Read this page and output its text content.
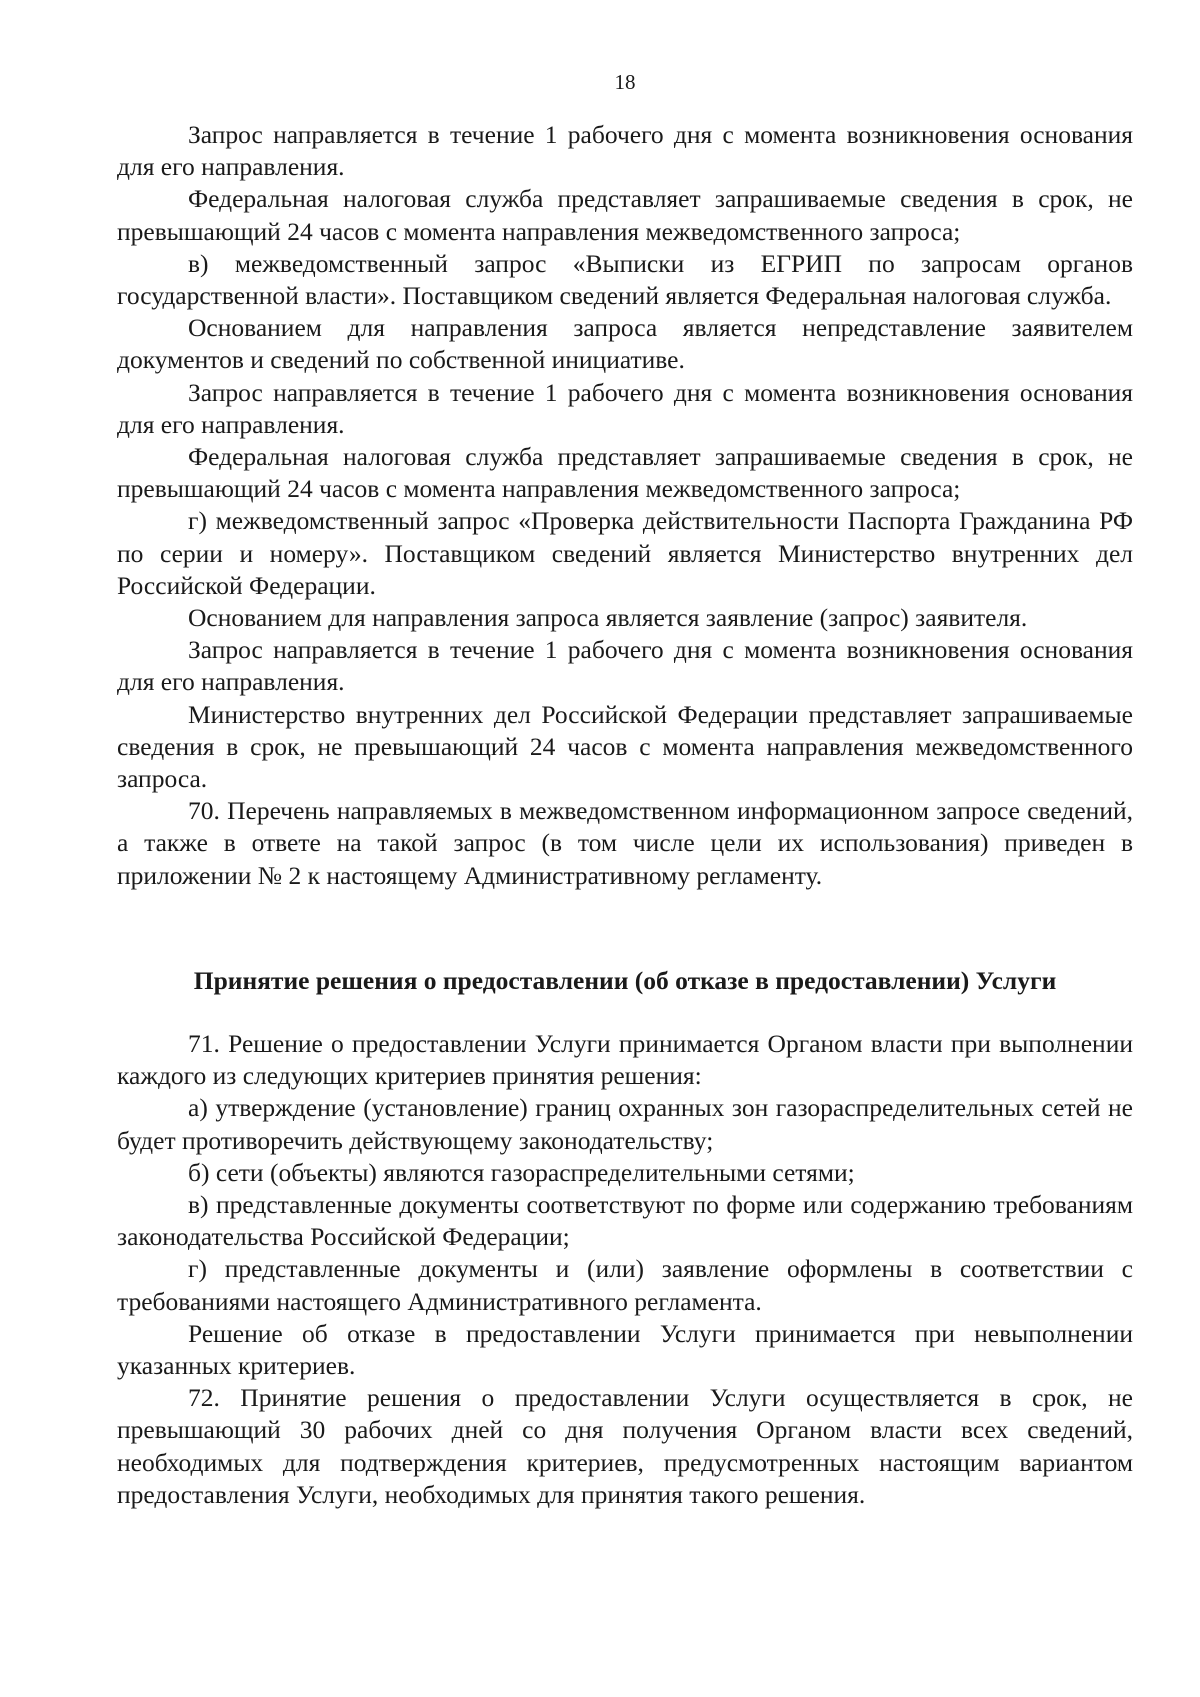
18

Запрос направляется в течение 1 рабочего дня с момента возникновения основания для его направления.

Федеральная налоговая служба представляет запрашиваемые сведения в срок, не превышающий 24 часов с момента направления межведомственного запроса;

в) межведомственный запрос «Выписки из ЕГРИП по запросам органов государственной власти». Поставщиком сведений является Федеральная налоговая служба.

Основанием для направления запроса является непредставление заявителем документов и сведений по собственной инициативе.

Запрос направляется в течение 1 рабочего дня с момента возникновения основания для его направления.

Федеральная налоговая служба представляет запрашиваемые сведения в срок, не превышающий 24 часов с момента направления межведомственного запроса;

г) межведомственный запрос «Проверка действительности Паспорта Гражданина РФ по серии и номеру». Поставщиком сведений является Министерство внутренних дел Российской Федерации.

Основанием для направления запроса является заявление (запрос) заявителя.

Запрос направляется в течение 1 рабочего дня с момента возникновения основания для его направления.

Министерство внутренних дел Российской Федерации представляет запрашиваемые сведения в срок, не превышающий 24 часов с момента направления межведомственного запроса.

70. Перечень направляемых в межведомственном информационном запросе сведений, а также в ответе на такой запрос (в том числе цели их использования) приведен в приложении № 2 к настоящему Административному регламенту.

Принятие решения о предоставлении (об отказе в предоставлении) Услуги

71. Решение о предоставлении Услуги принимается Органом власти при выполнении каждого из следующих критериев принятия решения:

а) утверждение (установление) границ охранных зон газораспределительных сетей не будет противоречить действующему законодательству;

б) сети (объекты) являются газораспределительными сетями;

в) представленные документы соответствуют по форме или содержанию требованиям законодательства Российской Федерации;

г) представленные документы и (или) заявление оформлены в соответствии с требованиями настоящего Административного регламента.

Решение об отказе в предоставлении Услуги принимается при невыполнении указанных критериев.

72. Принятие решения о предоставлении Услуги осуществляется в срок, не превышающий 30 рабочих дней со дня получения Органом власти всех сведений, необходимых для подтверждения критериев, предусмотренных настоящим вариантом предоставления Услуги, необходимых для принятия такого решения.
